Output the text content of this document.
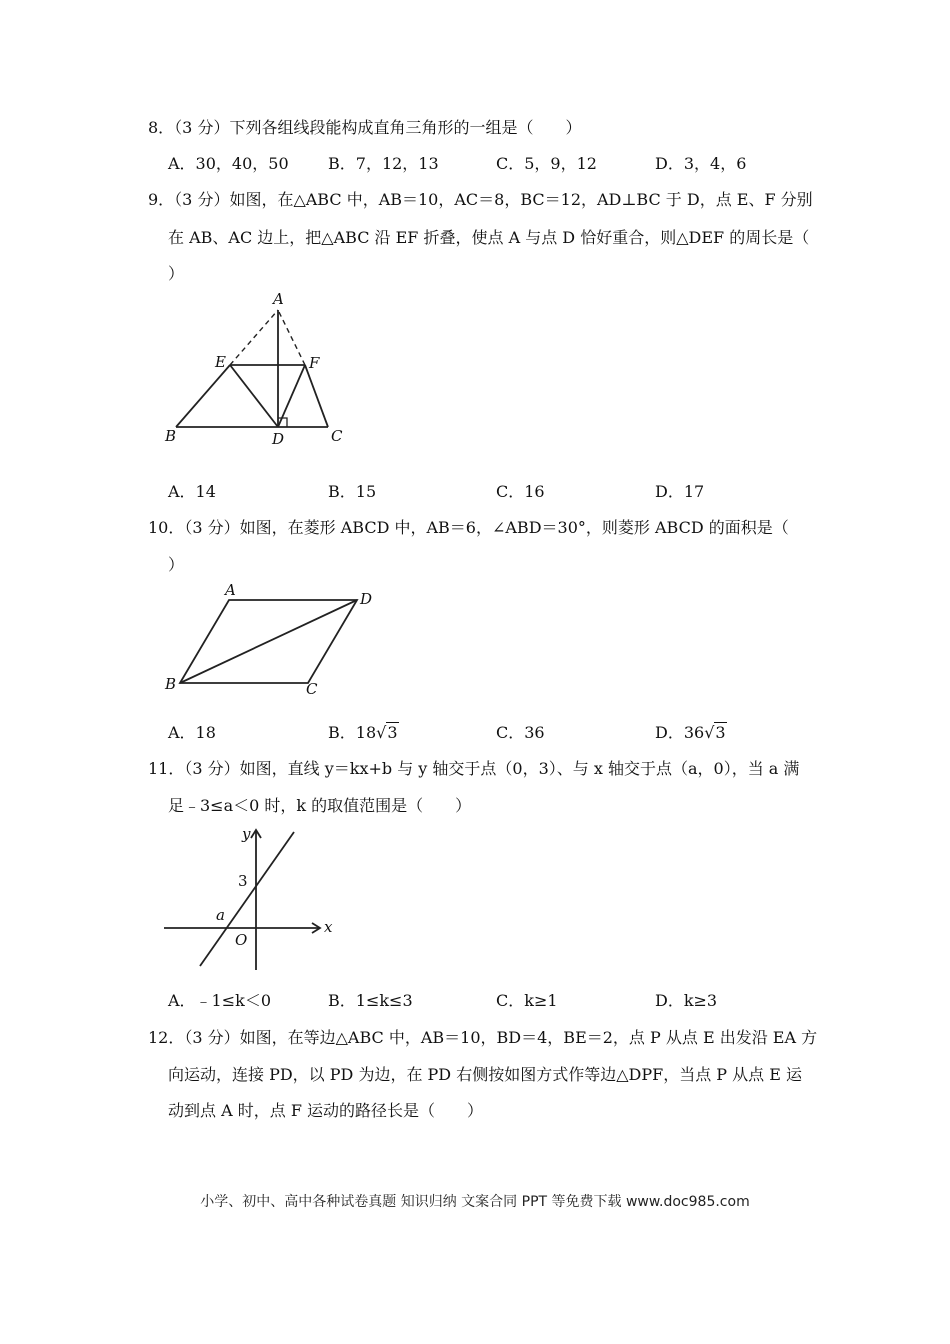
8．（3 分）下列各组线段能构成直角三角形的一组是（　　）
A．30，40，50 B．7，12，13	C．5，9，12	D．3，4，6
9．（3 分）如图，在△ABC 中，AB＝10，AC＝8，BC＝12，AD⊥BC 于 D，点 E、F 分别
在 AB、AC 边上，把△ABC 沿 EF 折叠，使点 A 与点 D 恰好重合，则△DEF 的周长是（
）
A
E	F
B	D	C
A．14	B．15	C．16	D．17
10．（3 分）如图，在菱形 ABCD 中，AB＝6，∠ABD＝30°，则菱形 ABCD 的面积是（
）
A	D
B	C
A．18	B．18√3	C．36	D．36√3
11．（3 分）如图，直线 y＝kx+b 与 y 轴交于点（0，3）、与 x 轴交于点（a，0），当 a 满
足﹣3≤a＜0 时，k 的取值范围是（　　）
y
x
3
a
O
A．﹣1≤k＜0	B．1≤k≤3	C．k≥1	D．k≥3
12．（3 分）如图，在等边△ABC 中，AB＝10，BD＝4，BE＝2，点 P 从点 E 出发沿 EA 方
向运动，连接 PD，以 PD 为边，在 PD 右侧按如图方式作等边△DPF，当点 P 从点 E 运
动到点 A 时，点 F 运动的路径长是（　　）
小学、初中、高中各种试卷真题 知识归纳 文案合同 PPT 等免费下载 www.doc985.com
